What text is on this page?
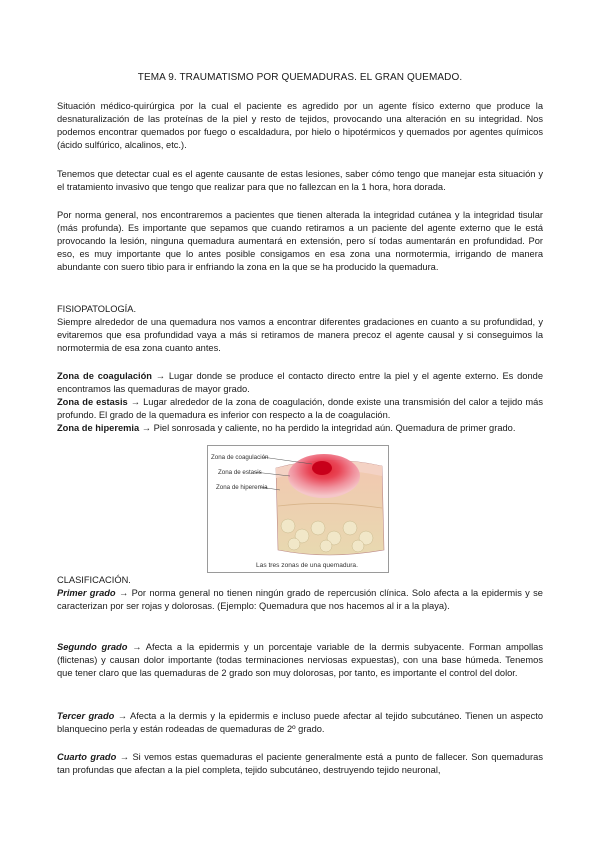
TEMA 9. TRAUMATISMO POR QUEMADURAS. EL GRAN QUEMADO.

Situación médico-quirúrgica por la cual el paciente es agredido por un agente físico externo que produce la desnaturalización de las proteínas de la piel y resto de tejidos, provocando una alteración en su integridad. Nos podemos encontrar quemados por fuego o escaldadura, por hielo o hipotérmicos y quemados por agentes químicos (ácido sulfúrico, alcalinos, etc.).

Tenemos que detectar cual es el agente causante de estas lesiones, saber cómo tengo que manejar esta situación y el tratamiento invasivo que tengo que realizar para que no fallezcan en la 1 hora, hora dorada.

Por norma general, nos encontraremos a pacientes que tienen alterada la integridad cutánea y la integridad tisular (más profunda). Es importante que sepamos que cuando retiramos a un paciente del agente externo que le está provocando la lesión, ninguna quemadura aumentará en extensión, pero sí todas aumentarán en profundidad. Por eso, es muy importante que lo antes posible consigamos en esa zona una normotermia, irrigando de manera abundante con suero tibio para ir enfriando la zona en la que se ha producido la quemadura.

FISIOPATOLOGÍA.

Siempre alrededor de una quemadura nos vamos a encontrar diferentes gradaciones en cuanto a su profundidad, y evitaremos que esa profundidad vaya a más si retiramos de manera precoz el agente causal y si conseguimos la normotermia de esa zona cuanto antes.

Zona de coagulación → Lugar donde se produce el contacto directo entre la piel y el agente externo. Es donde encontramos las quemaduras de mayor grado.

Zona de estasis → Lugar alrededor de la zona de coagulación, donde existe una transmisión del calor a tejido más profundo. El grado de la quemadura es inferior con respecto a la de coagulación.

Zona de hiperemia → Piel sonrosada y caliente, no ha perdido la integridad aún. Quemadura de primer grado.

Zona de coagulación
Zona de estasis
Zona de hiperemia
Las tres zonas de una quemadura.

CLASIFICACIÓN.

Primer grado → Por norma general no tienen ningún grado de repercusión clínica. Solo afecta a la epidermis y se caracterizan por ser rojas y dolorosas. (Ejemplo: Quemadura que nos hacemos al ir a la playa).

Segundo grado → Afecta a la epidermis y un porcentaje variable de la dermis subyacente. Forman ampollas (flictenas) y causan dolor importante (todas terminaciones nerviosas expuestas), con una base húmeda. Tenemos que tener claro que las quemaduras de 2 grado son muy dolorosas, por tanto, es importante el control del dolor.

Tercer grado → Afecta a la dermis y la epidermis e incluso puede afectar al tejido subcutáneo. Tienen un aspecto blanquecino perla y están rodeadas de quemaduras de 2º grado.

Cuarto grado → Si vemos estas quemaduras el paciente generalmente está a punto de fallecer. Son quemaduras tan profundas que afectan a la piel completa, tejido subcutáneo, destruyendo tejido neuronal,
